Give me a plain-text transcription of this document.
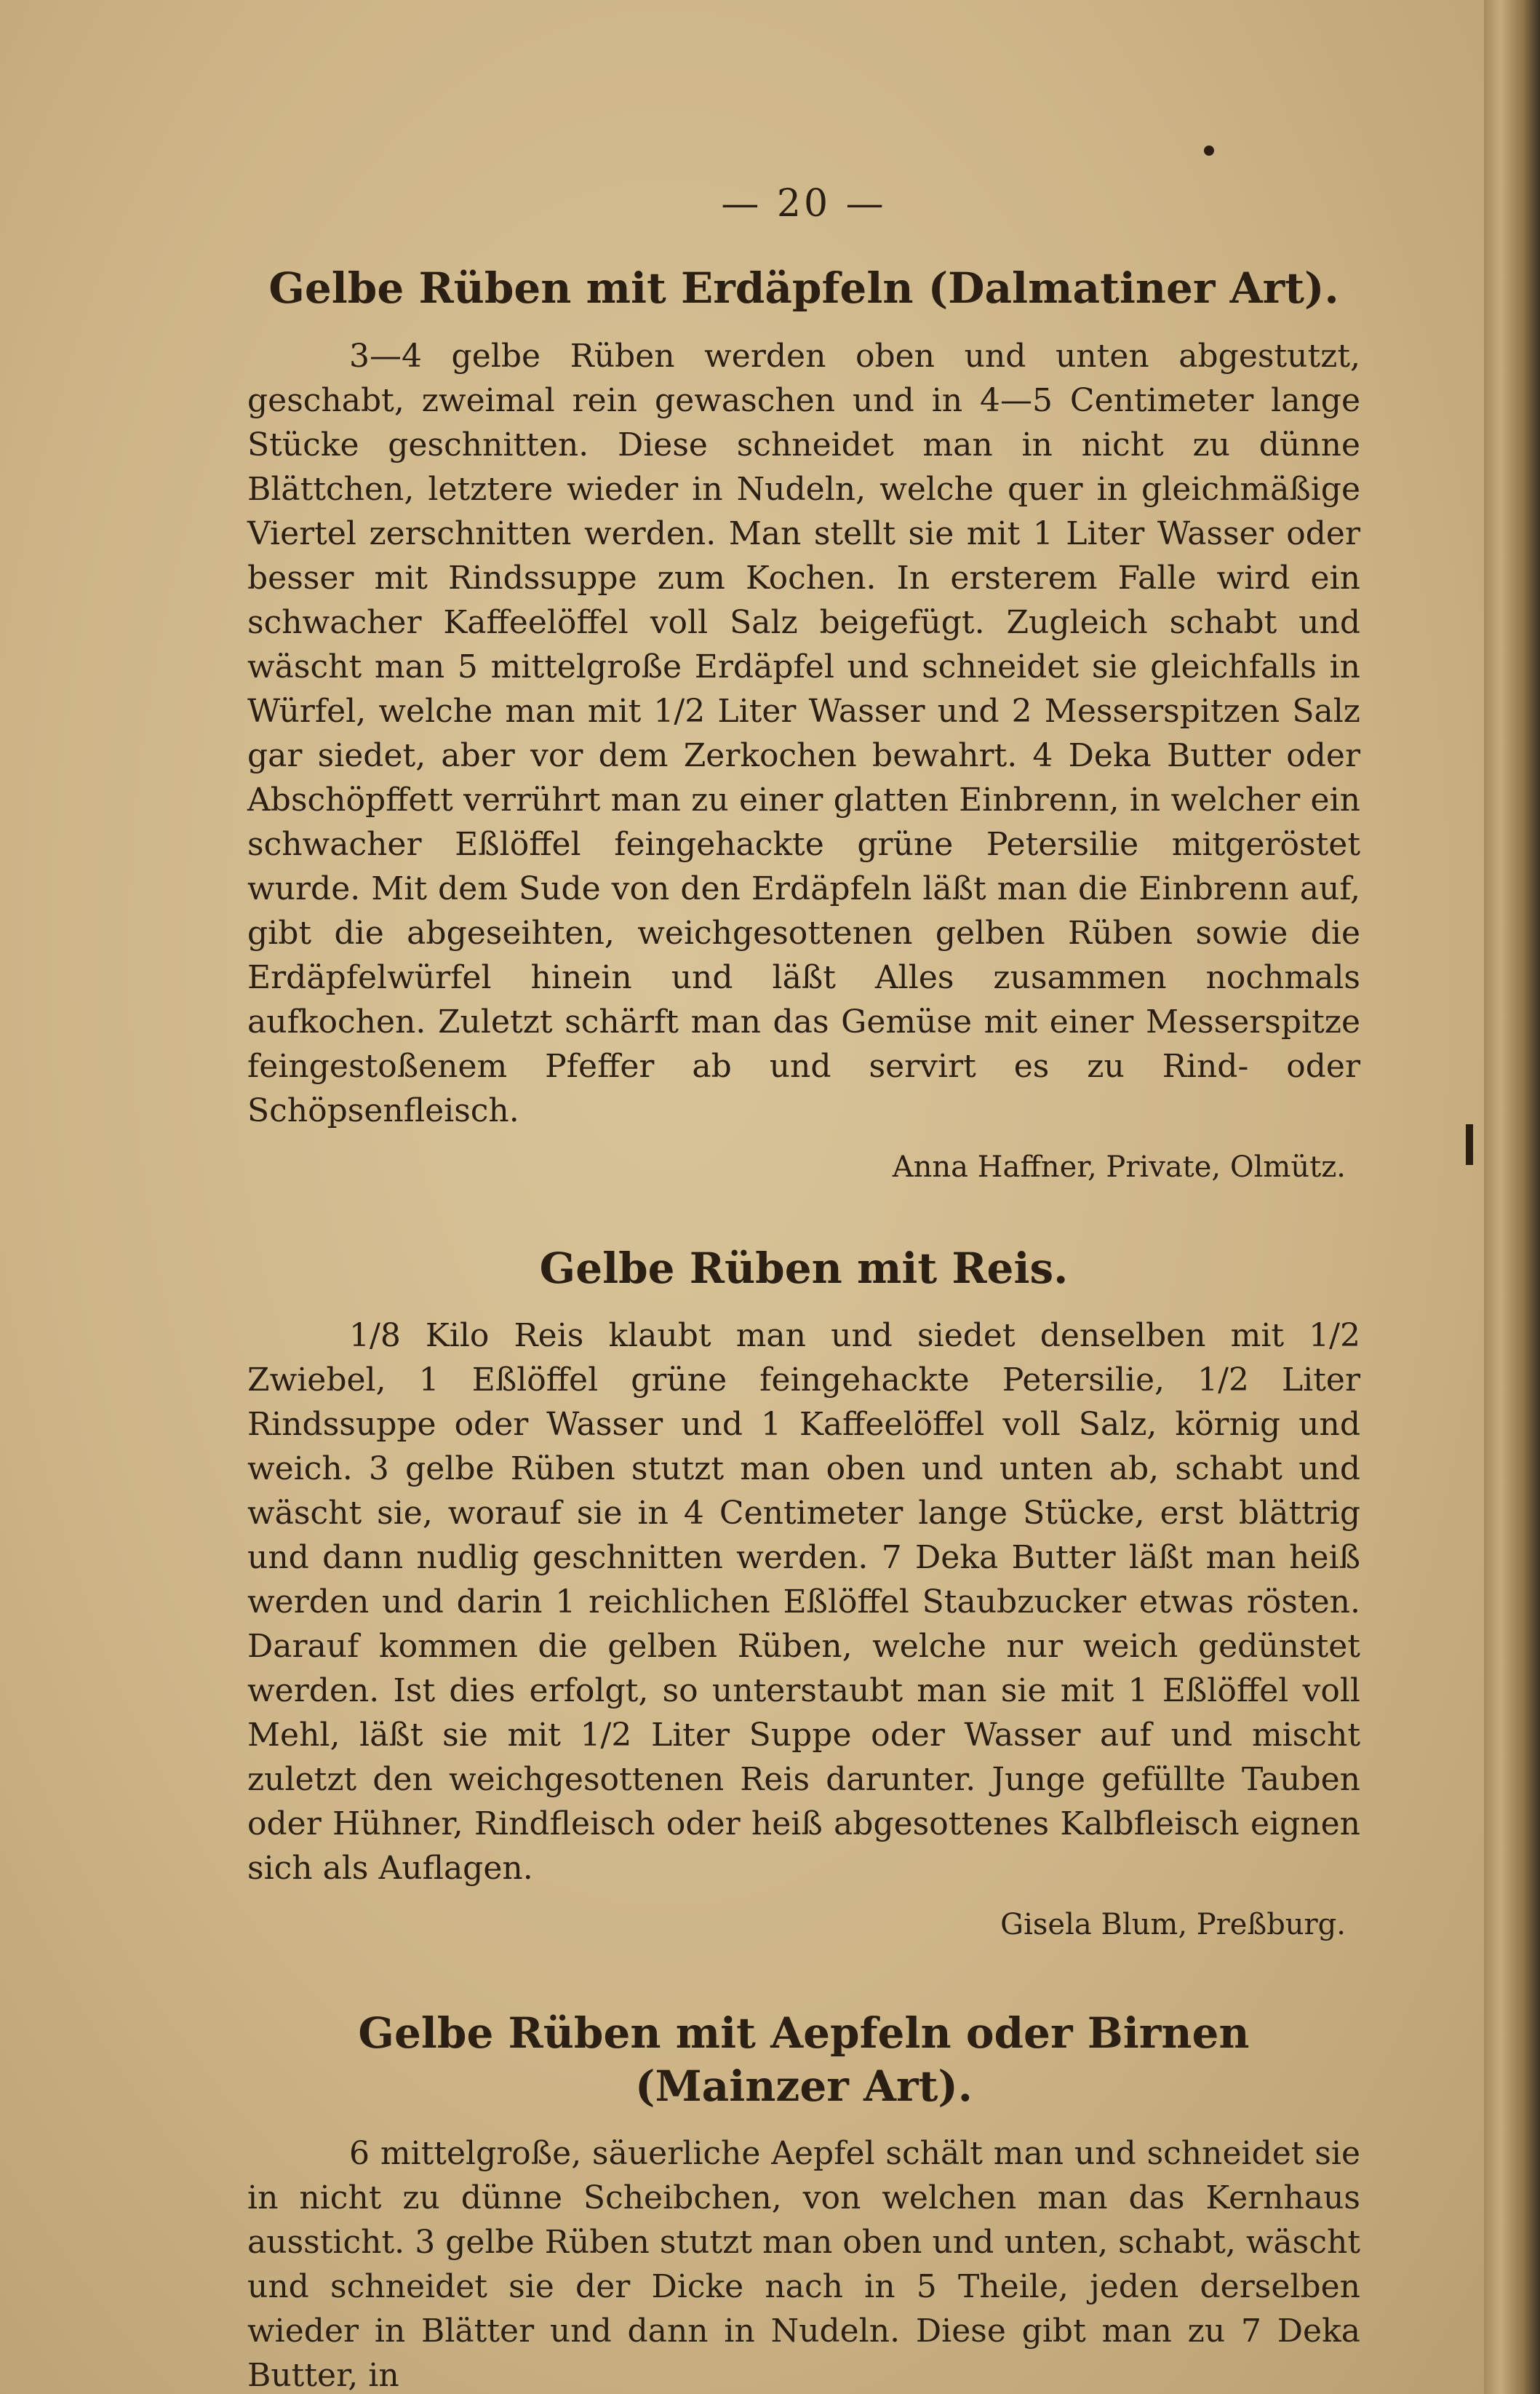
— 20 —
Gelbe Rüben mit Erdäpfeln (Dalmatiner Art).

3—4 gelbe Rüben werden oben und unten abgestutzt, geschabt, zweimal rein gewaschen und in 4—5 Centimeter lange Stücke geschnitten. Diese schneidet man in nicht zu dünne Blättchen, letztere wieder in Nudeln, welche quer in gleichmäßige Viertel zerschnitten werden. Man stellt sie mit 1 Liter Wasser oder besser mit Rindssuppe zum Kochen. In ersterem Falle wird ein schwacher Kaffeelöffel voll Salz beigefügt. Zugleich schabt und wäscht man 5 mittelgroße Erdäpfel und schneidet sie gleichfalls in Würfel, welche man mit 1/2 Liter Wasser und 2 Messerspitzen Salz gar siedet, aber vor dem Zerkochen bewahrt. 4 Deka Butter oder Abschöpffett verrührt man zu einer glatten Einbrenn, in welcher ein schwacher Eßlöffel feingehackte grüne Petersilie mitgeröstet wurde. Mit dem Sude von den Erdäpfeln läßt man die Einbrenn auf, gibt die abgeseihten, weichgesottenen gelben Rüben sowie die Erdäpfelwürfel hinein und läßt Alles zusammen nochmals aufkochen. Zuletzt schärft man das Gemüse mit einer Messerspitze feingestoßenem Pfeffer ab und servirt es zu Rind- oder Schöpsenfleisch.

Anna Haffner, Private, Olmütz.

Gelbe Rüben mit Reis.

1/8 Kilo Reis klaubt man und siedet denselben mit 1/2 Zwiebel, 1 Eßlöffel grüne feingehackte Petersilie, 1/2 Liter Rindssuppe oder Wasser und 1 Kaffeelöffel voll Salz, körnig und weich. 3 gelbe Rüben stutzt man oben und unten ab, schabt und wäscht sie, worauf sie in 4 Centimeter lange Stücke, erst blättrig und dann nudlig geschnitten werden. 7 Deka Butter läßt man heiß werden und darin 1 reichlichen Eßlöffel Staubzucker etwas rösten. Darauf kommen die gelben Rüben, welche nur weich gedünstet werden. Ist dies erfolgt, so unterstaubt man sie mit 1 Eßlöffel voll Mehl, läßt sie mit 1/2 Liter Suppe oder Wasser auf und mischt zuletzt den weichgesottenen Reis darunter. Junge gefüllte Tauben oder Hühner, Rindfleisch oder heiß abgesottenes Kalbfleisch eignen sich als Auflagen.

Gisela Blum, Preßburg.

Gelbe Rüben mit Aepfeln oder Birnen (Mainzer Art).

6 mittelgroße, säuerliche Aepfel schält man und schneidet sie in nicht zu dünne Scheibchen, von welchen man das Kernhaus aussticht. 3 gelbe Rüben stutzt man oben und unten, schabt, wäscht und schneidet sie der Dicke nach in 5 Theile, jeden derselben wieder in Blätter und dann in Nudeln. Diese gibt man zu 7 Deka Butter, in
